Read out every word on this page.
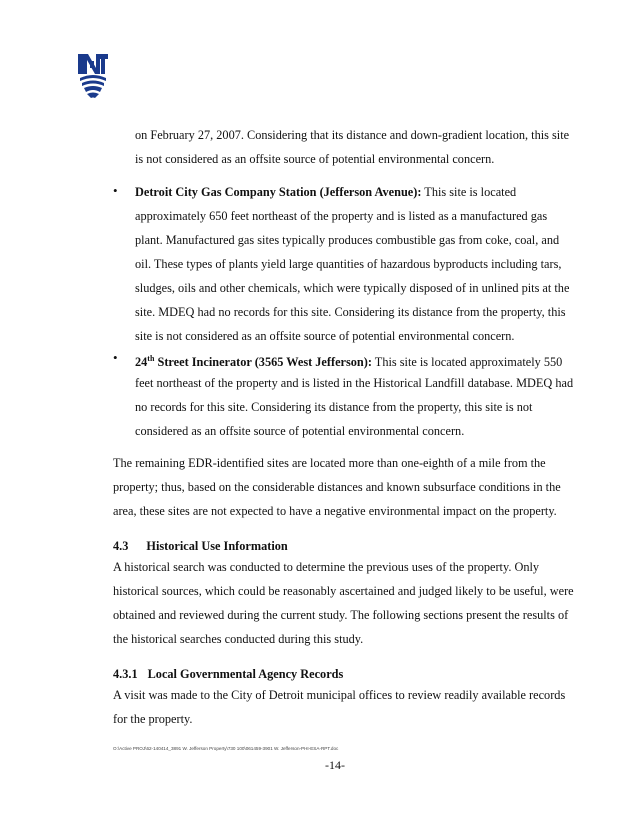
on February 27, 2007. Considering that its distance and down-gradient location, this site

is not considered as an offsite source of potential environmental concern.

• Detroit City Gas Company Station (Jefferson Avenue): This site is located

approximately 650 feet northeast of the property and is listed as a manufactured gas

plant. Manufactured gas sites typically produces combustible gas from coke, coal, and

oil. These types of plants yield large quantities of hazardous byproducts including tars,

sludges, oils and other chemicals, which were typically disposed of in unlined pits at the

site. MDEQ had no records for this site. Considering its distance from the property, this

site is not considered as an offsite source of potential environmental concern.

• 24th Street Incinerator (3565 West Jefferson): This site is located approximately 550

feet northeast of the property and is listed in the Historical Landfill database. MDEQ had

no records for this site. Considering its distance from the property, this site is not

considered as an offsite source of potential environmental concern.

The remaining EDR-identified sites are located more than one-eighth of a mile from the

property; thus, based on the considerable distances and known subsurface conditions in the

area, these sites are not expected to have a negative environmental impact on the property.

4.3 Historical Use Information

A historical search was conducted to determine the previous uses of the property. Only

historical sources, which could be reasonably ascertained and judged likely to be useful, were

obtained and reviewed during the current study. The following sections present the results of

the historical searches conducted during this study.

4.3.1 Local Governmental Agency Records

A visit was made to the City of Detroit municipal offices to review readily available records

for the property.

O:\Active PROJ\62-140414_3891 W. Jefferson Property\730 100\061459-3901 W. Jefferson-PHI-ESA-RPT.doc
-14-
